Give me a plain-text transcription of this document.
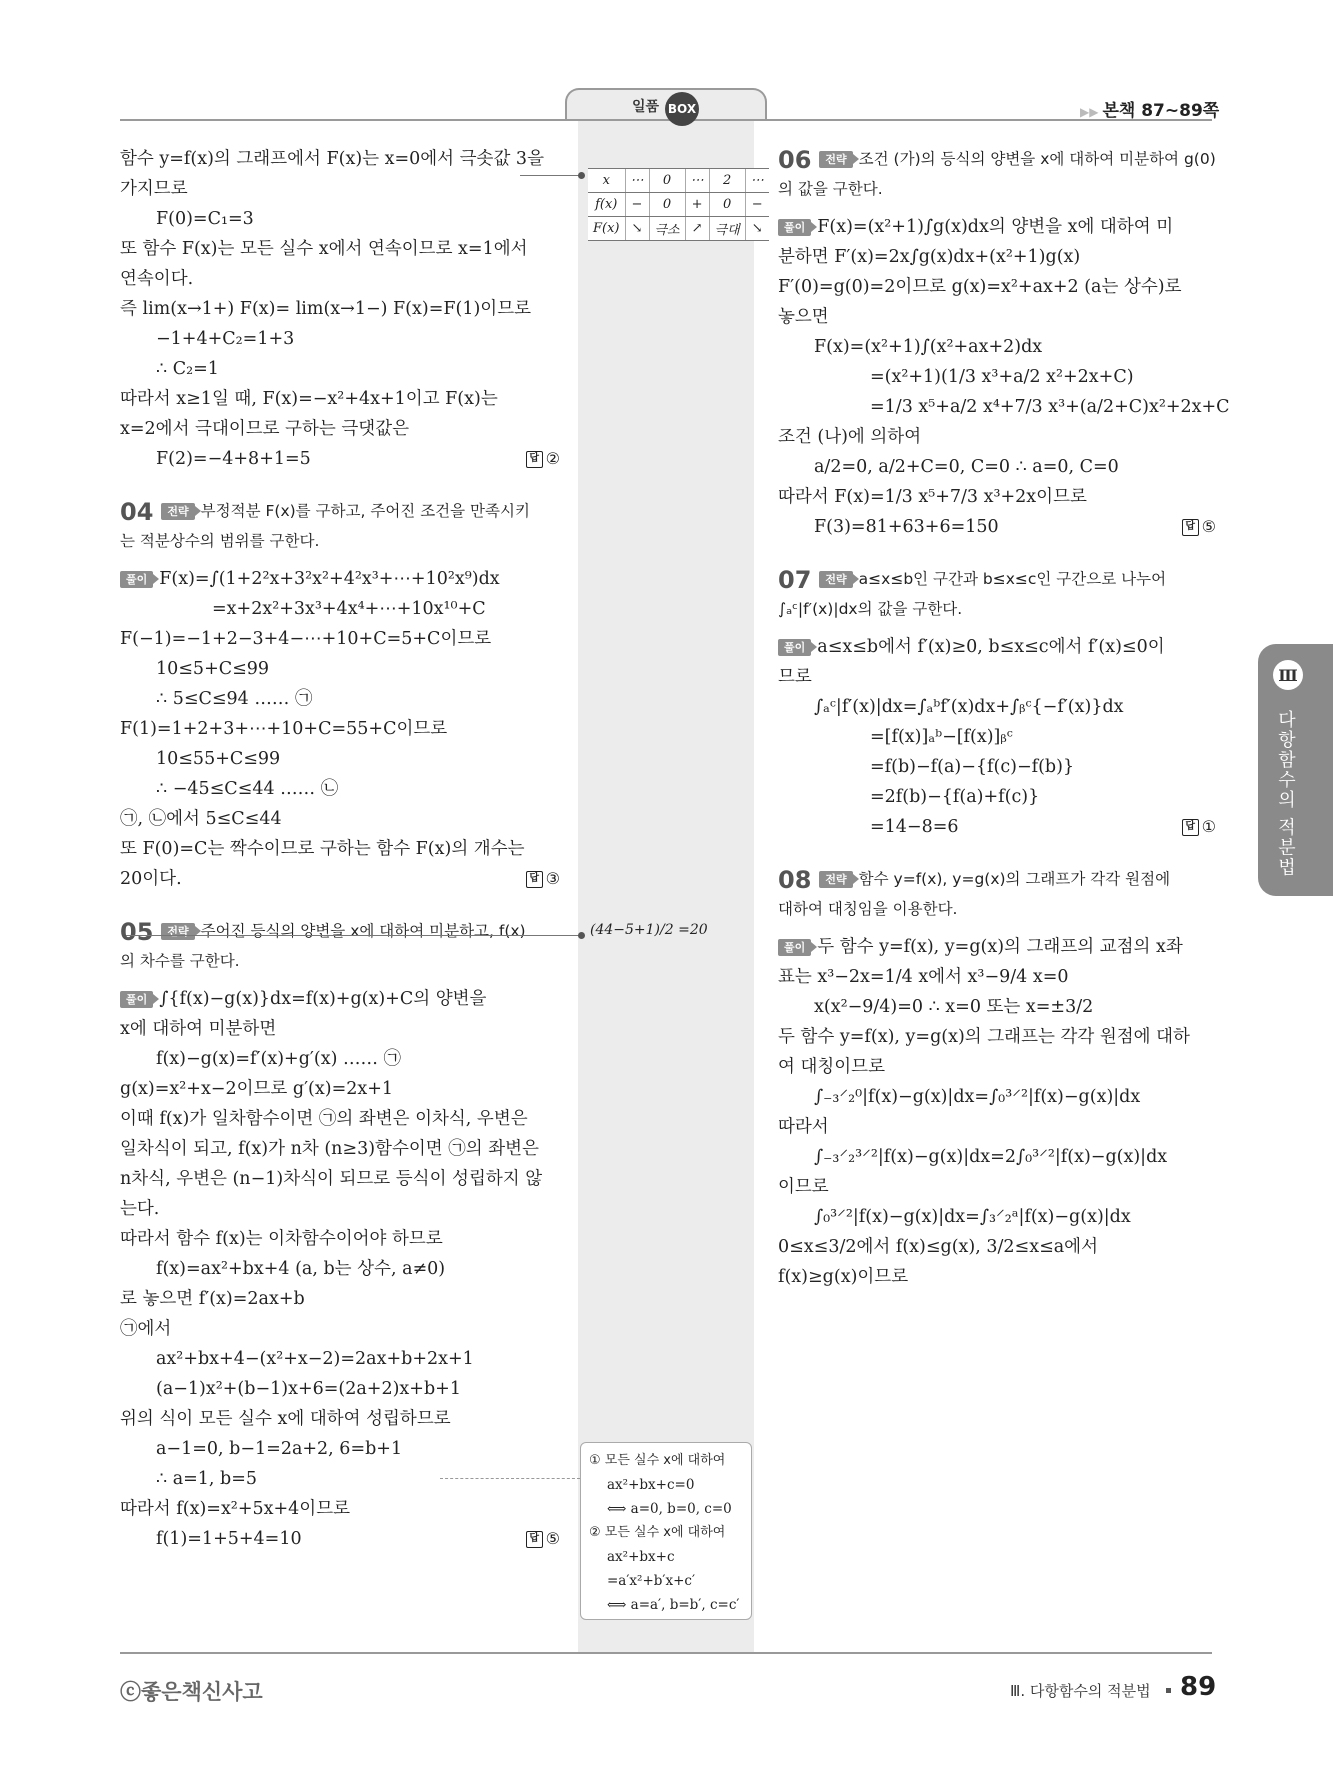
일품 BOX	▶▶ 본책 87~89쪽
함수 y=f(x)의 그래프에서 F(x)는 x=0에서 극솟값 3을
가지므로
F(0)=C₁=3
또 함수 F(x)는 모든 실수 x에서 연속이므로 x=1에서
연속이다.
즉 lim(x→1+) F(x)= lim(x→1−) F(x)=F(1)이므로
−1+4+C₂=1+3
∴ C₂=1
따라서 x≥1일 때, F(x)=−x²+4x+1이고 F(x)는
x=2에서 극대이므로 구하는 극댓값은
F(2)=−4+8+1=5	답 ②
04 전략 부정적분 F(x)를 구하고, 주어진 조건을 만족시키
는 적분상수의 범위를 구한다.
풀이 F(x)=∫(1+2²x+3²x²+4²x³+⋯+10²x⁹)dx
=x+2x²+3x³+4x⁴+⋯+10x¹⁰+C
F(−1)=−1+2−3+4−⋯+10+C=5+C이므로
10≤5+C≤99
∴ 5≤C≤94 …… ㉠
F(1)=1+2+3+⋯+10+C=55+C이므로
10≤55+C≤99
∴ −45≤C≤44 …… ㉡
㉠, ㉡에서 5≤C≤44
또 F(0)=C는 짝수이므로 구하는 함수 F(x)의 개수는
20이다.	답 ③
05 전략 주어진 등식의 양변을 x에 대하여 미분하고, f(x)
의 차수를 구한다.
풀이 ∫{f(x)−g(x)}dx=f(x)+g(x)+C의 양변을
x에 대하여 미분하면
f(x)−g(x)=f′(x)+g′(x) …… ㉠
g(x)=x²+x−2이므로 g′(x)=2x+1
이때 f(x)가 일차함수이면 ㉠의 좌변은 이차식, 우변은
일차식이 되고, f(x)가 n차 (n≥3)함수이면 ㉠의 좌변은
n차식, 우변은 (n−1)차식이 되므로 등식이 성립하지 않
는다.
따라서 함수 f(x)는 이차함수이어야 하므로
f(x)=ax²+bx+4 (a, b는 상수, a≠0)
로 놓으면 f′(x)=2ax+b
㉠에서
ax²+bx+4−(x²+x−2)=2ax+b+2x+1
(a−1)x²+(b−1)x+6=(2a+2)x+b+1
위의 식이 모든 실수 x에 대하여 성립하므로
a−1=0, b−1=2a+2, 6=b+1
∴ a=1, b=5
따라서 f(x)=x²+5x+4이므로
f(1)=1+5+4=10	답 ⑤
x	⋯	0	⋯	2	⋯
f(x)	−	0	+	0	−
F(x)	↘	극소	↗	극대	↘
(44−5+1)/2 =20
① 모든 실수 x에 대하여
ax²+bx+c=0
⟺ a=0, b=0, c=0
② 모든 실수 x에 대하여
ax²+bx+c
=a′x²+b′x+c′
⟺ a=a′, b=b′, c=c′
06 전략 조건 (가)의 등식의 양변을 x에 대하여 미분하여 g(0)
의 값을 구한다.
풀이 F(x)=(x²+1)∫g(x)dx의 양변을 x에 대하여 미
분하면 F′(x)=2x∫g(x)dx+(x²+1)g(x)
F′(0)=g(0)=2이므로 g(x)=x²+ax+2 (a는 상수)로
놓으면
F(x)=(x²+1)∫(x²+ax+2)dx
=(x²+1)(1/3 x³+a/2 x²+2x+C)
=1/3 x⁵+a/2 x⁴+7/3 x³+(a/2+C)x²+2x+C
조건 (나)에 의하여
a/2=0, a/2+C=0, C=0 ∴ a=0, C=0
따라서 F(x)=1/3 x⁵+7/3 x³+2x이므로
F(3)=81+63+6=150	답 ⑤
07 전략 a≤x≤b인 구간과 b≤x≤c인 구간으로 나누어
∫ₐᶜ|f′(x)|dx의 값을 구한다.
풀이 a≤x≤b에서 f′(x)≥0, b≤x≤c에서 f′(x)≤0이
므로
∫ₐᶜ|f′(x)|dx=∫ₐᵇf′(x)dx+∫ᵦᶜ{−f′(x)}dx
=[f(x)]ₐᵇ−[f(x)]ᵦᶜ
=f(b)−f(a)−{f(c)−f(b)}
=2f(b)−{f(a)+f(c)}
=14−8=6	답 ①
08 전략 함수 y=f(x), y=g(x)의 그래프가 각각 원점에
대하여 대칭임을 이용한다.
풀이 두 함수 y=f(x), y=g(x)의 그래프의 교점의 x좌
표는 x³−2x=1/4 x에서 x³−9/4 x=0
x(x²−9/4)=0 ∴ x=0 또는 x=±3/2
두 함수 y=f(x), y=g(x)의 그래프는 각각 원점에 대하
여 대칭이므로
∫₋₃⸍₂⁰|f(x)−g(x)|dx=∫₀³⸍²|f(x)−g(x)|dx
따라서
∫₋₃⸍₂³⸍²|f(x)−g(x)|dx=2∫₀³⸍²|f(x)−g(x)|dx
이므로
∫₀³⸍²|f(x)−g(x)|dx=∫₃⸍₂ᵃ|f(x)−g(x)|dx
0≤x≤3/2에서 f(x)≤g(x), 3/2≤x≤a에서
f(x)≥g(x)이므로
Ⅲ
다항함수의 적분법
ⓒ좋은책신사고	Ⅲ. 다항함수의 적분법 89
